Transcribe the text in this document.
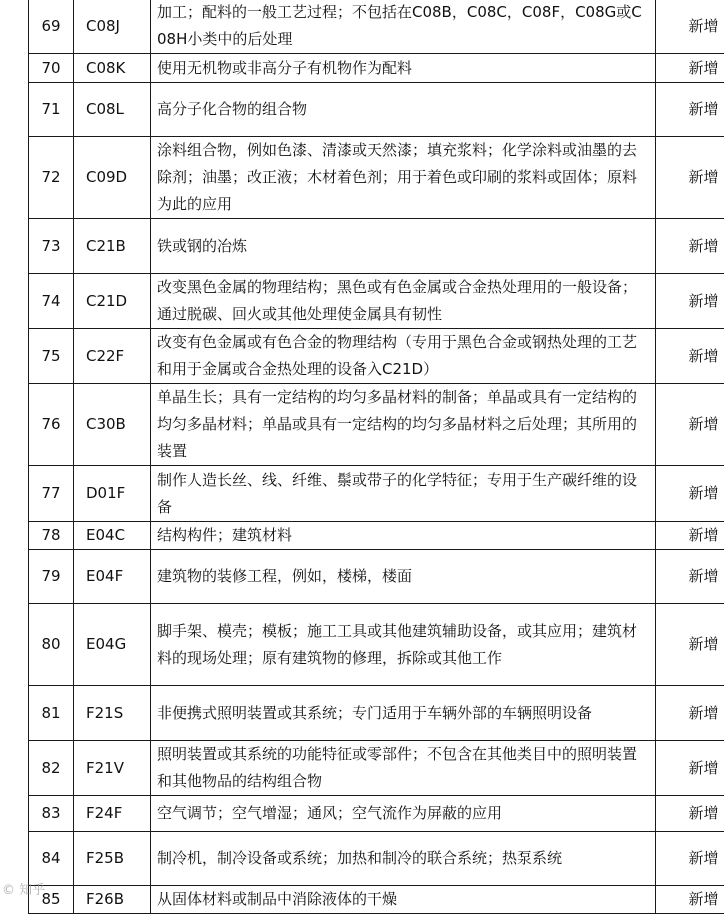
69	C08J	加工；配料的一般工艺过程；不包括在C08B，C08C，C08F，C08G或C08H小类中的后处理	新增
70	C08K	使用无机物或非高分子有机物作为配料	新增
71	C08L	高分子化合物的组合物	新增
72	C09D	涂料组合物，例如色漆、清漆或天然漆；填充浆料；化学涂料或油墨的去除剂；油墨；改正液；木材着色剂；用于着色或印刷的浆料或固体；原料为此的应用	新增
73	C21B	铁或钢的冶炼	新增
74	C21D	改变黑色金属的物理结构；黑色或有色金属或合金热处理用的一般设备；通过脱碳、回火或其他处理使金属具有韧性	新增
75	C22F	改变有色金属或有色合金的物理结构（专用于黑色合金或钢热处理的工艺和用于金属或合金热处理的设备入C21D）	新增
76	C30B	单晶生长；具有一定结构的均匀多晶材料的制备；单晶或具有一定结构的均匀多晶材料；单晶或具有一定结构的均匀多晶材料之后处理；其所用的装置	新增
77	D01F	制作人造长丝、线、纤维、鬃或带子的化学特征；专用于生产碳纤维的设备	新增
78	E04C	结构构件；建筑材料	新增
79	E04F	建筑物的装修工程，例如，楼梯，楼面	新增
80	E04G	脚手架、模壳；模板；施工工具或其他建筑辅助设备，或其应用；建筑材料的现场处理；原有建筑物的修理，拆除或其他工作	新增
81	F21S	非便携式照明装置或其系统；专门适用于车辆外部的车辆照明设备	新增
82	F21V	照明装置或其系统的功能特征或零部件；不包含在其他类目中的照明装置和其他物品的结构组合物	新增
83	F24F	空气调节；空气增湿；通风；空气流作为屏蔽的应用	新增
84	F25B	制冷机，制冷设备或系统；加热和制冷的联合系统；热泵系统	新增
85	F26B	从固体材料或制品中消除液体的干燥	新增
© 知乎
